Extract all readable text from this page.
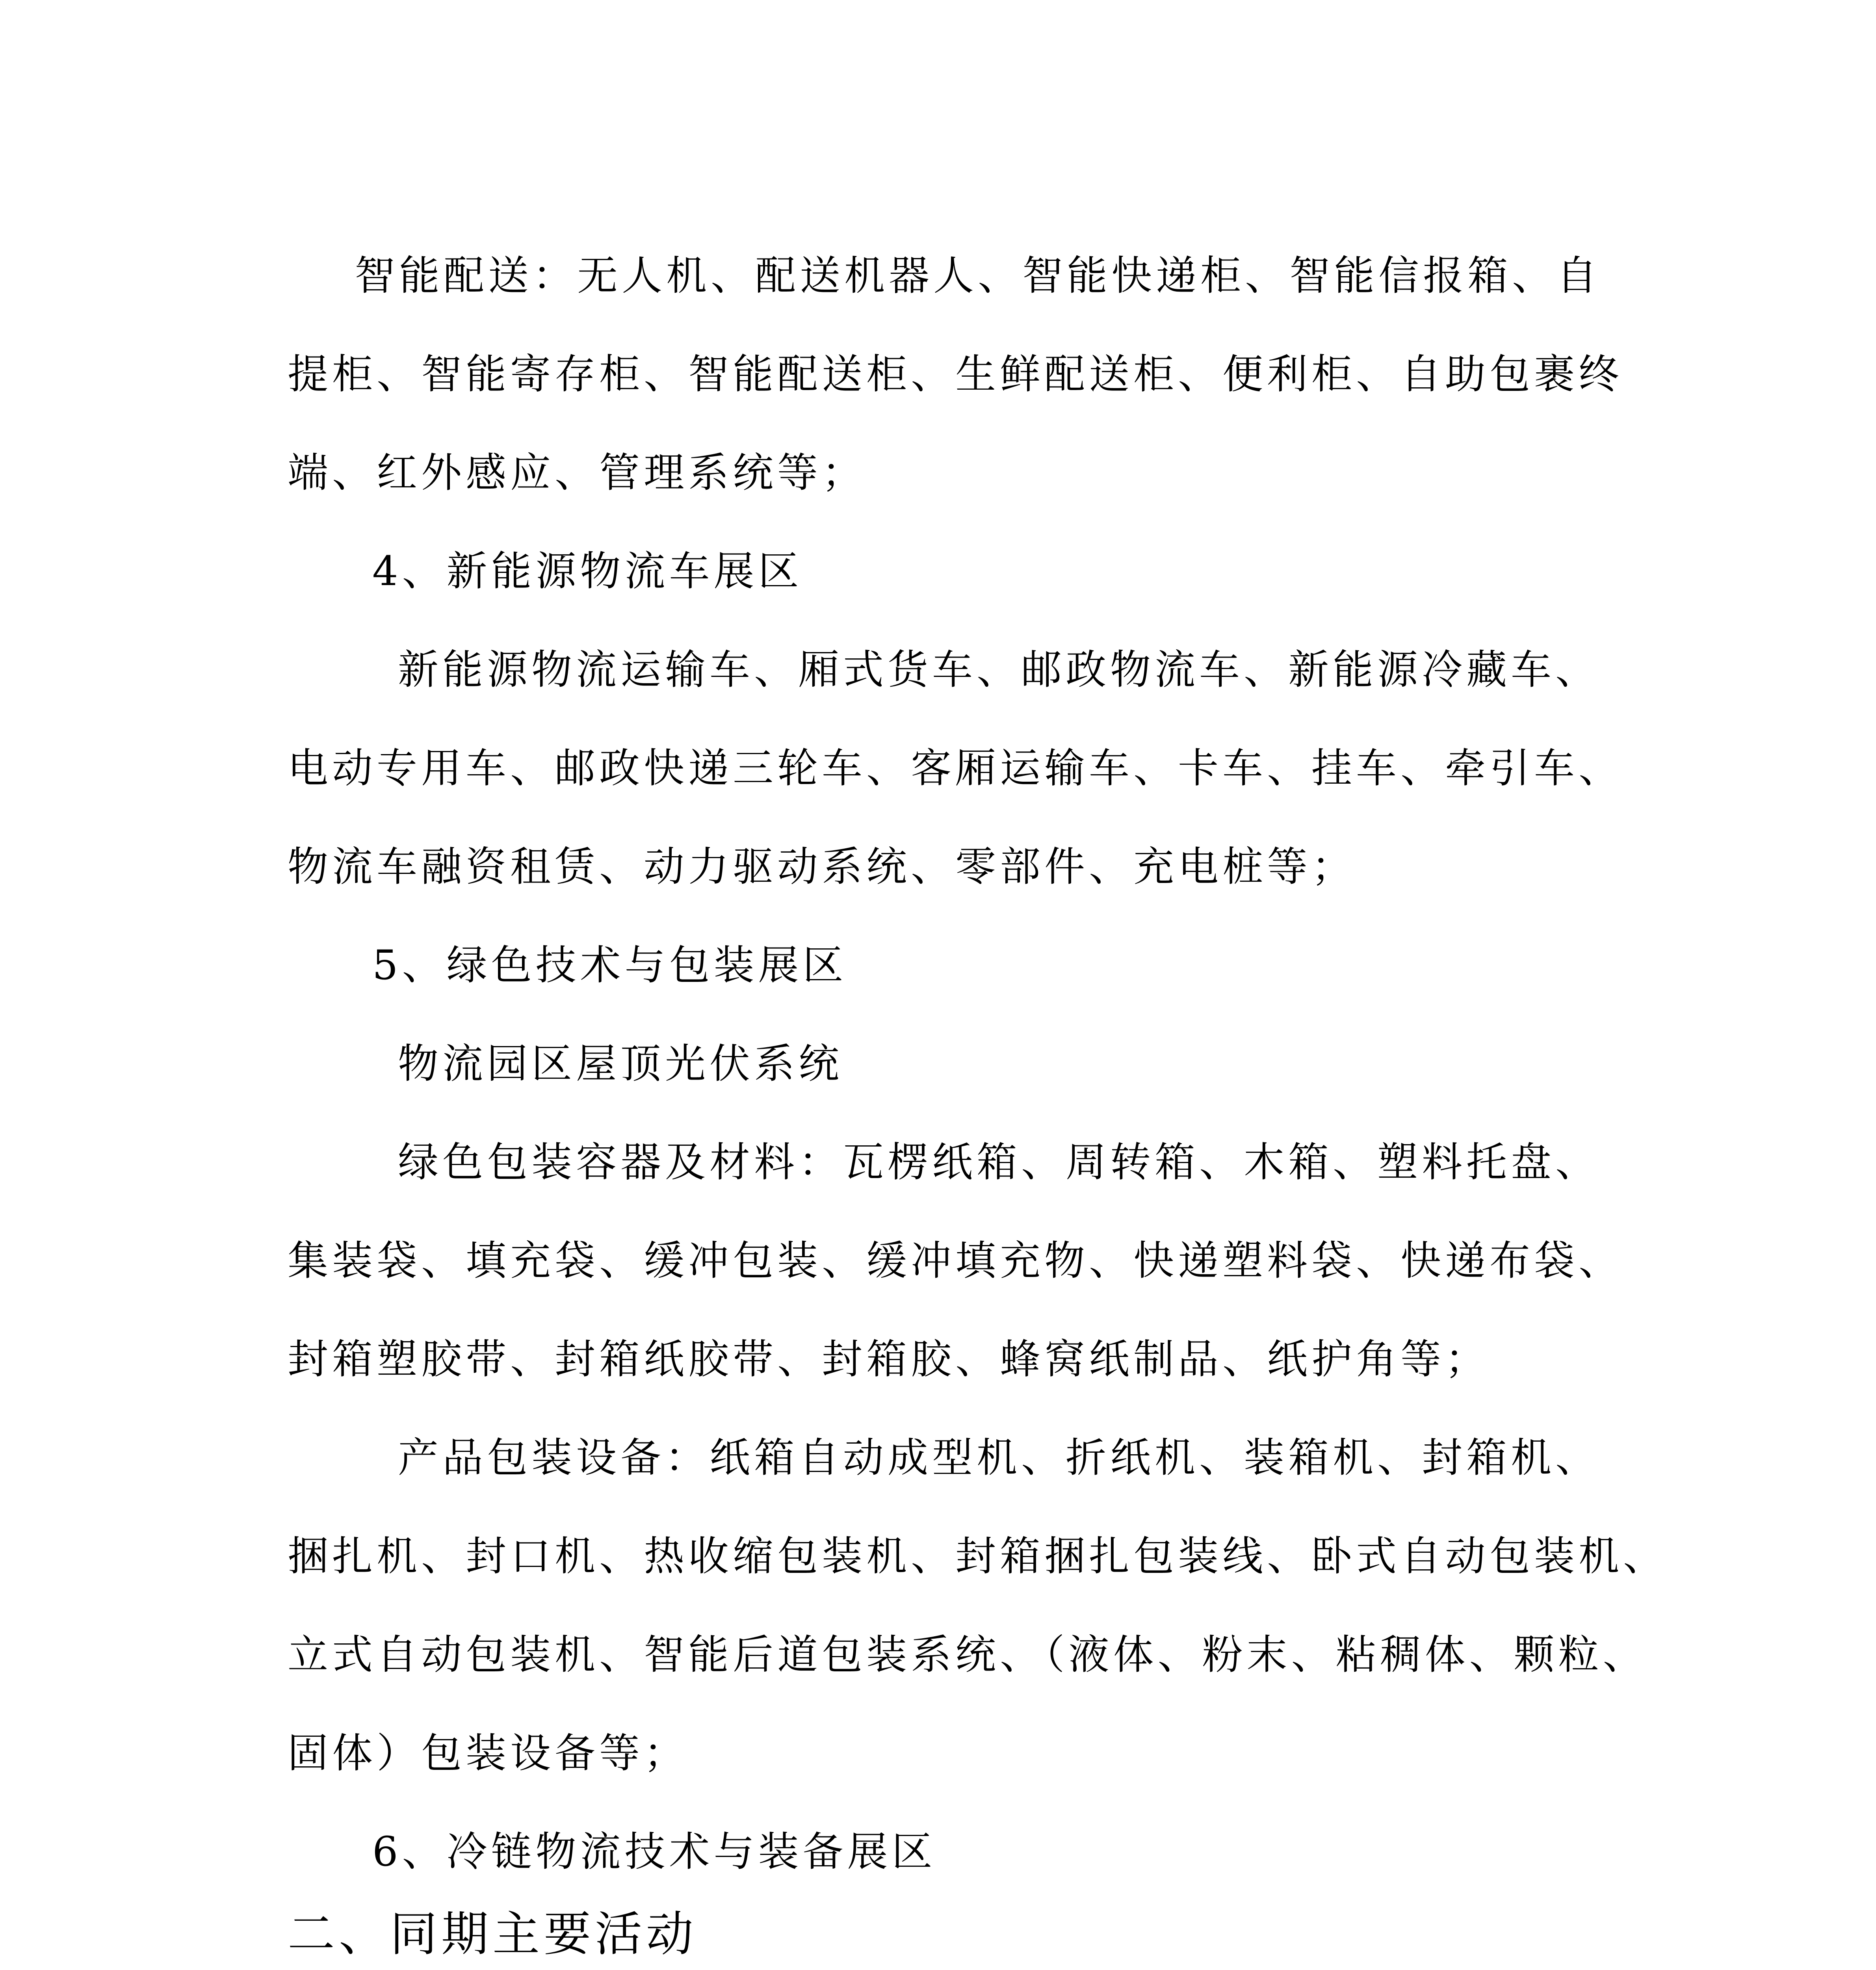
智能配送：无人机、配送机器人、智能快递柜、智能信报箱、自
提柜、智能寄存柜、智能配送柜、生鲜配送柜、便利柜、自助包裹终
端、红外感应、管理系统等；
4、新能源物流车展区
新能源物流运输车、厢式货车、邮政物流车、新能源冷藏车、
电动专用车、邮政快递三轮车、客厢运输车、卡车、挂车、牵引车、
物流车融资租赁、动力驱动系统、零部件、充电桩等；
5、绿色技术与包装展区
物流园区屋顶光伏系统
绿色包装容器及材料：瓦楞纸箱、周转箱、木箱、塑料托盘、
集装袋、填充袋、缓冲包装、缓冲填充物、快递塑料袋、快递布袋、
封箱塑胶带、封箱纸胶带、封箱胶、蜂窝纸制品、纸护角等；
产品包装设备：纸箱自动成型机、折纸机、装箱机、封箱机、
捆扎机、封口机、热收缩包装机、封箱捆扎包装线、卧式自动包装机、
立式自动包装机、智能后道包装系统、（液体、粉末、粘稠体、颗粒、
固体）包装设备等；
6、冷链物流技术与装备展区
二、同期主要活动
